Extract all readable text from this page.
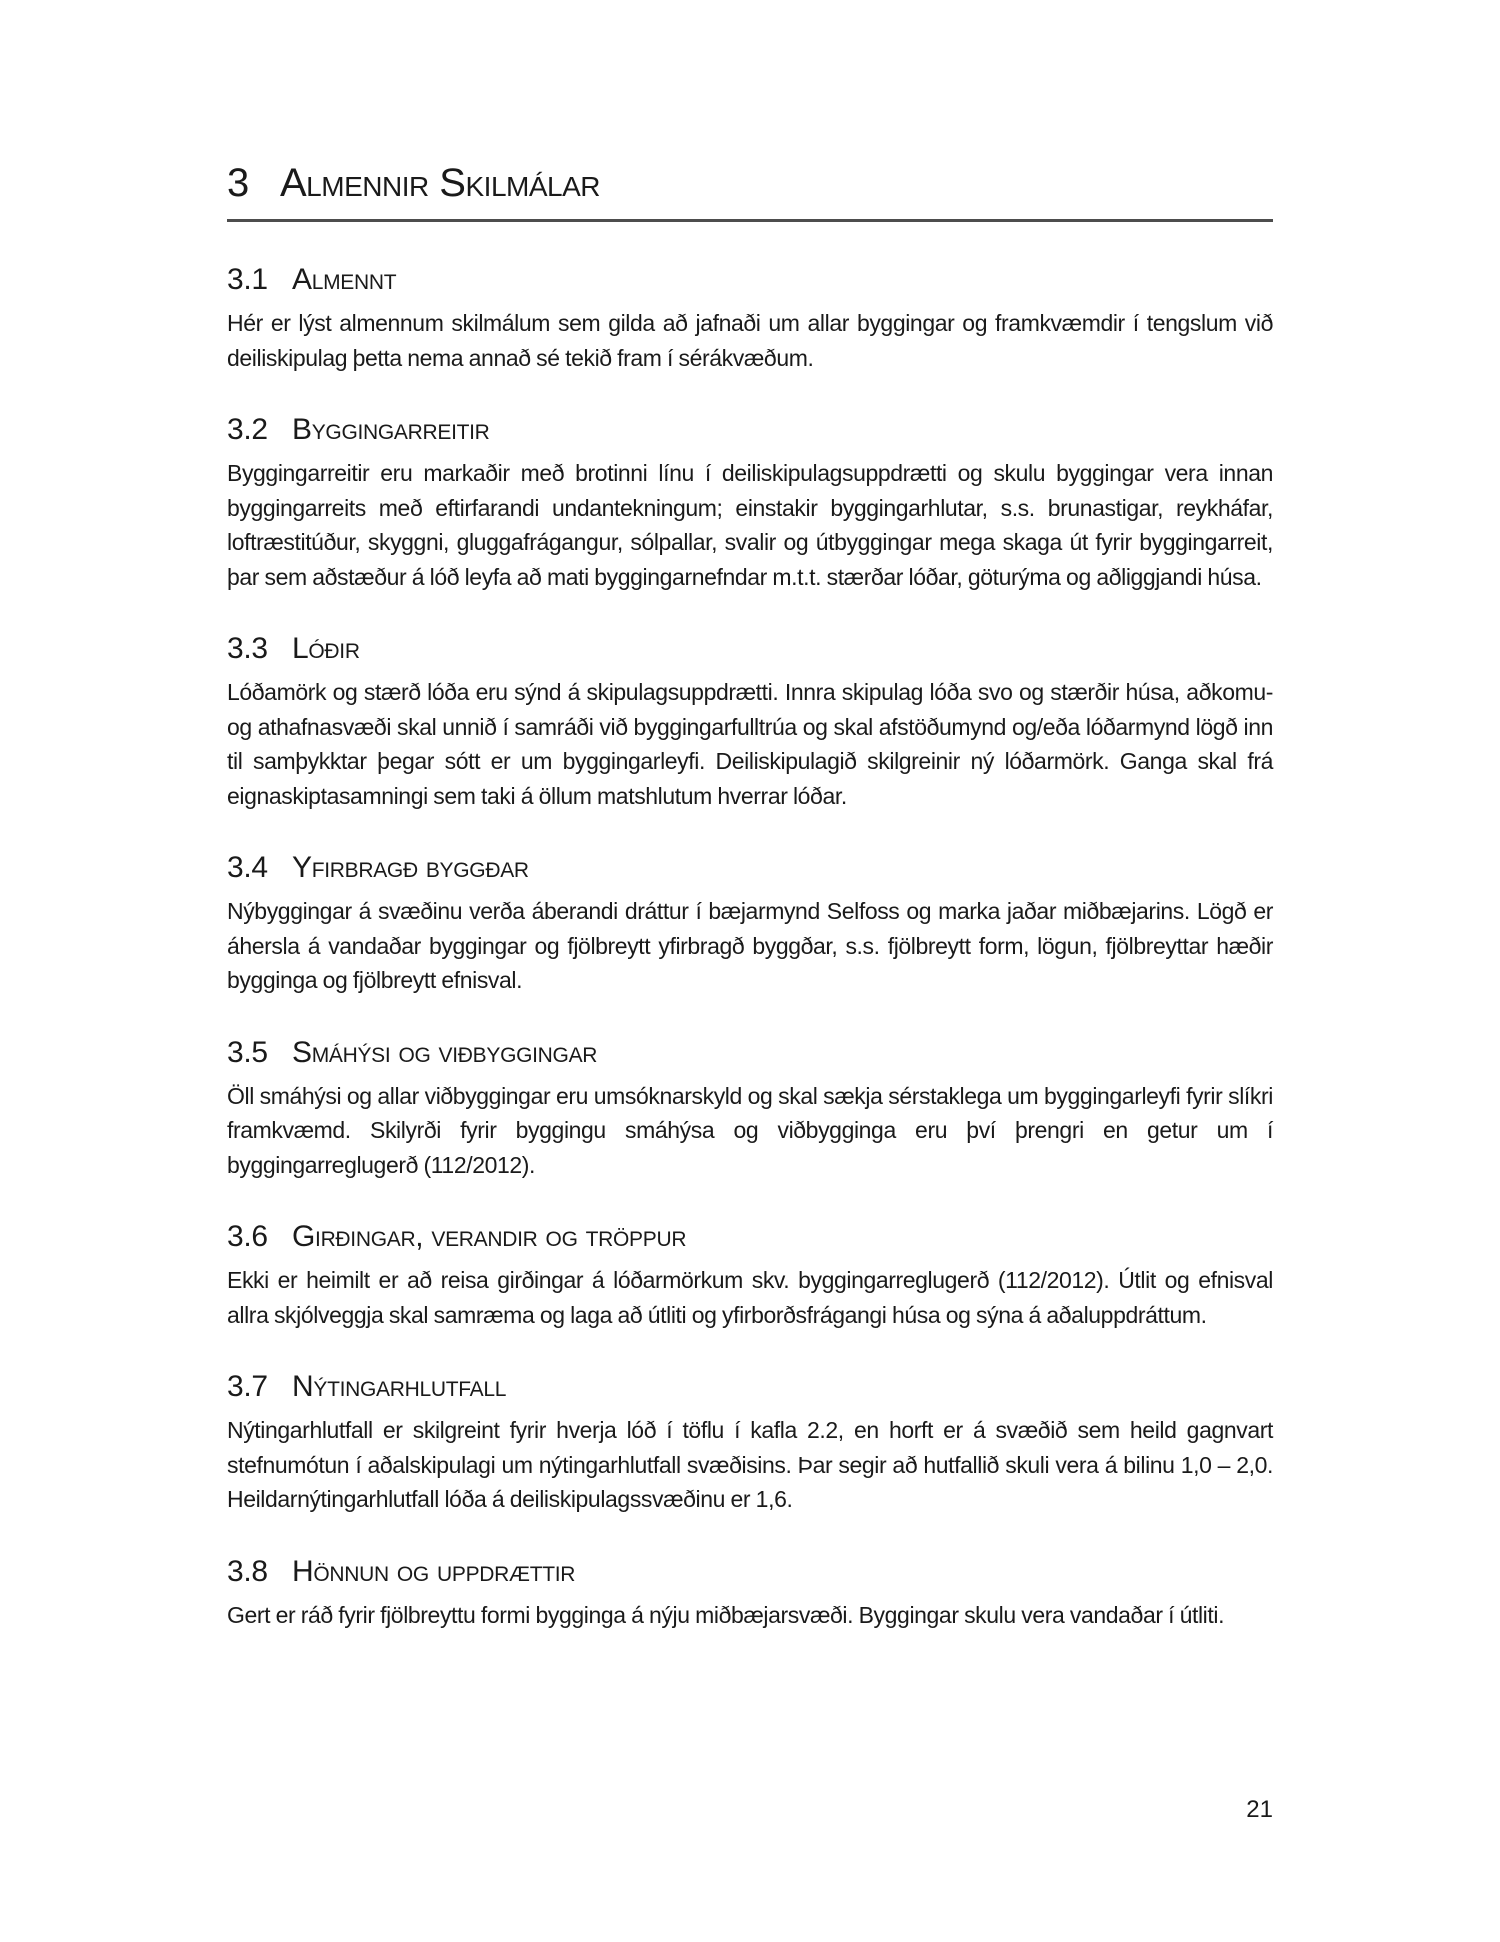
3 Almennir Skilmálar
3.1 Almennt

Hér er lýst almennum skilmálum sem gilda að jafnaði um allar byggingar og framkvæmdir í tengslum við deiliskipulag þetta nema annað sé tekið fram í sérákvæðum.

3.2 Byggingarreitir

Byggingarreitir eru markaðir með brotinni línu í deiliskipulagsuppdrætti og skulu byggingar vera innan byggingarreits með eftirfarandi undantekningum; einstakir byggingarhlutar, s.s. brunastigar, reykháfar, loftræstitúður, skyggni, gluggafrágangur, sólpallar, svalir og útbyggingar mega skaga út fyrir byggingarreit, þar sem aðstæður á lóð leyfa að mati byggingarnefndar m.t.t. stærðar lóðar, göturýma og aðliggjandi húsa.

3.3 Lóðir

Lóðamörk og stærð lóða eru sýnd á skipulagsuppdrætti. Innra skipulag lóða svo og stærðir húsa, aðkomu- og athafnasvæði skal unnið í samráði við byggingarfulltrúa og skal afstöðumynd og/eða lóðarmynd lögð inn til samþykktar þegar sótt er um byggingarleyfi. Deiliskipulagið skilgreinir ný lóðarmörk. Ganga skal frá eignaskiptasamningi sem taki á öllum matshlutum hverrar lóðar.

3.4 Yfirbragð byggðar

Nýbyggingar á svæðinu verða áberandi dráttur í bæjarmynd Selfoss og marka jaðar miðbæjarins. Lögð er áhersla á vandaðar byggingar og fjölbreytt yfirbragð byggðar, s.s. fjölbreytt form, lögun, fjölbreyttar hæðir bygginga og fjölbreytt efnisval.

3.5 Smáhýsi og viðbyggingar

Öll smáhýsi og allar viðbyggingar eru umsóknarskyld og skal sækja sérstaklega um byggingarleyfi fyrir slíkri framkvæmd. Skilyrði fyrir byggingu smáhýsa og viðbygginga eru því þrengri en getur um í byggingarreglugerð (112/2012).

3.6 Girðingar, verandir og tröppur

Ekki er heimilt er að reisa girðingar á lóðarmörkum skv. byggingarreglugerð (112/2012). Útlit og efnisval allra skjólveggja skal samræma og laga að útliti og yfirborðsfrágangi húsa og sýna á aðaluppdráttum.

3.7 Nýtingarhlutfall

Nýtingarhlutfall er skilgreint fyrir hverja lóð í töflu í kafla 2.2, en horft er á svæðið sem heild gagnvart stefnumótun í aðalskipulagi um nýtingarhlutfall svæðisins. Þar segir að hutfallið skuli vera á bilinu 1,0 – 2,0. Heildarnýtingarhlutfall lóða á deiliskipulagssvæðinu er 1,6.

3.8 Hönnun og uppdrættir

Gert er ráð fyrir fjölbreyttu formi bygginga á nýju miðbæjarsvæði. Byggingar skulu vera vandaðar í útliti.

21
